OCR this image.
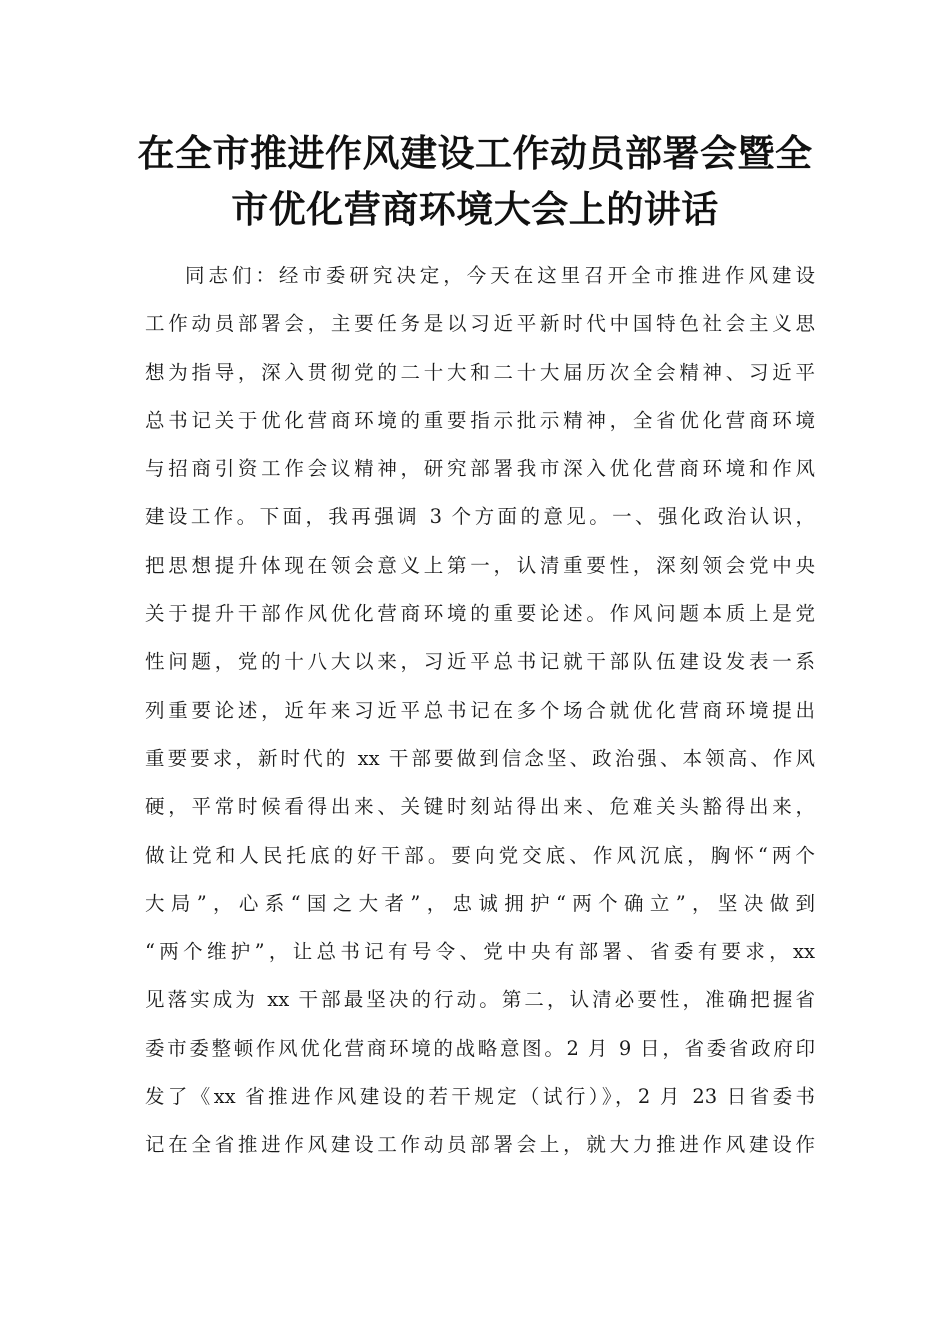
在全市推进作风建设工作动员部署会暨全
市优化营商环境大会上的讲话
同志们：经市委研究决定，今天在这里召开全市推进作风建设
工作动员部署会，主要任务是以习近平新时代中国特色社会主义思
想为指导，深入贯彻党的二十大和二十大届历次全会精神、习近平
总书记关于优化营商环境的重要指示批示精神，全省优化营商环境
与招商引资工作会议精神，研究部署我市深入优化营商环境和作风
建设工作。下面，我再强调 3 个方面的意见。一、强化政治认识，
把思想提升体现在领会意义上第一，认清重要性，深刻领会党中央
关于提升干部作风优化营商环境的重要论述。作风问题本质上是党
性问题，党的十八大以来，习近平总书记就干部队伍建设发表一系
列重要论述，近年来习近平总书记在多个场合就优化营商环境提出
重要要求，新时代的 xx 干部要做到信念坚、政治强、本领高、作风
硬，平常时候看得出来、关键时刻站得出来、危难关头豁得出来，
做让党和人民托底的好干部。要向党交底、作风沉底，胸怀“两个
大局”，心系“国之大者”，忠诚拥护“两个确立”，坚决做到
“两个维护”，让总书记有号令、党中央有部署、省委有要求，xx
见落实成为 xx 干部最坚决的行动。第二，认清必要性，准确把握省
委市委整顿作风优化营商环境的战略意图。2 月 9 日，省委省政府印
发了《xx 省推进作风建设的若干规定（试行）》，2 月 23 日省委书
记在全省推进作风建设工作动员部署会上，就大力推进作风建设作
